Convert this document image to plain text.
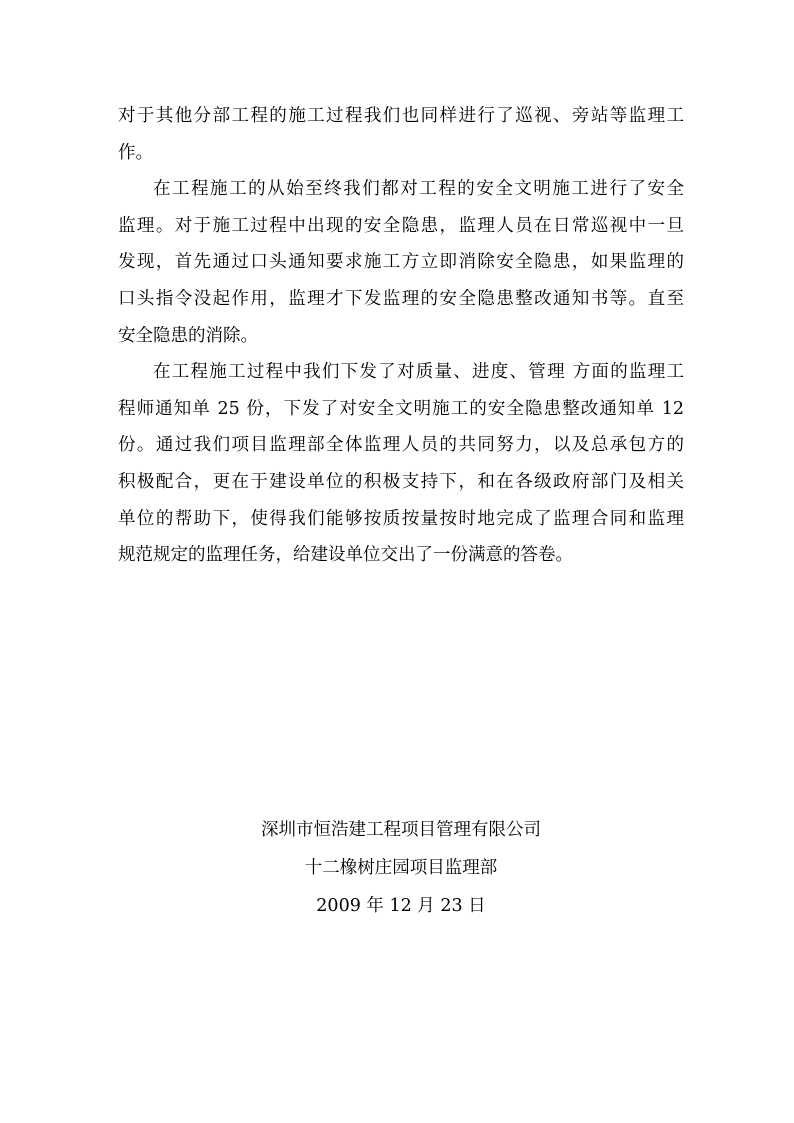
对于其他分部工程的施工过程我们也同样进行了巡视、旁站等监理工
作。
在工程施工的从始至终我们都对工程的安全文明施工进行了安全
监理。对于施工过程中出现的安全隐患，监理人员在日常巡视中一旦
发现，首先通过口头通知要求施工方立即消除安全隐患，如果监理的
口头指令没起作用，监理才下发监理的安全隐患整改通知书等。直至
安全隐患的消除。
在工程施工过程中我们下发了对质量、进度、管理 方面的监理工
程师通知单 25 份，下发了对安全文明施工的安全隐患整改通知单 12
份。通过我们项目监理部全体监理人员的共同努力，以及总承包方的
积极配合，更在于建设单位的积极支持下，和在各级政府部门及相关
单位的帮助下，使得我们能够按质按量按时地完成了监理合同和监理
规范规定的监理任务，给建设单位交出了一份满意的答卷。
深圳市恒浩建工程项目管理有限公司
十二橡树庄园项目监理部
2009 年 12 月 23 日
